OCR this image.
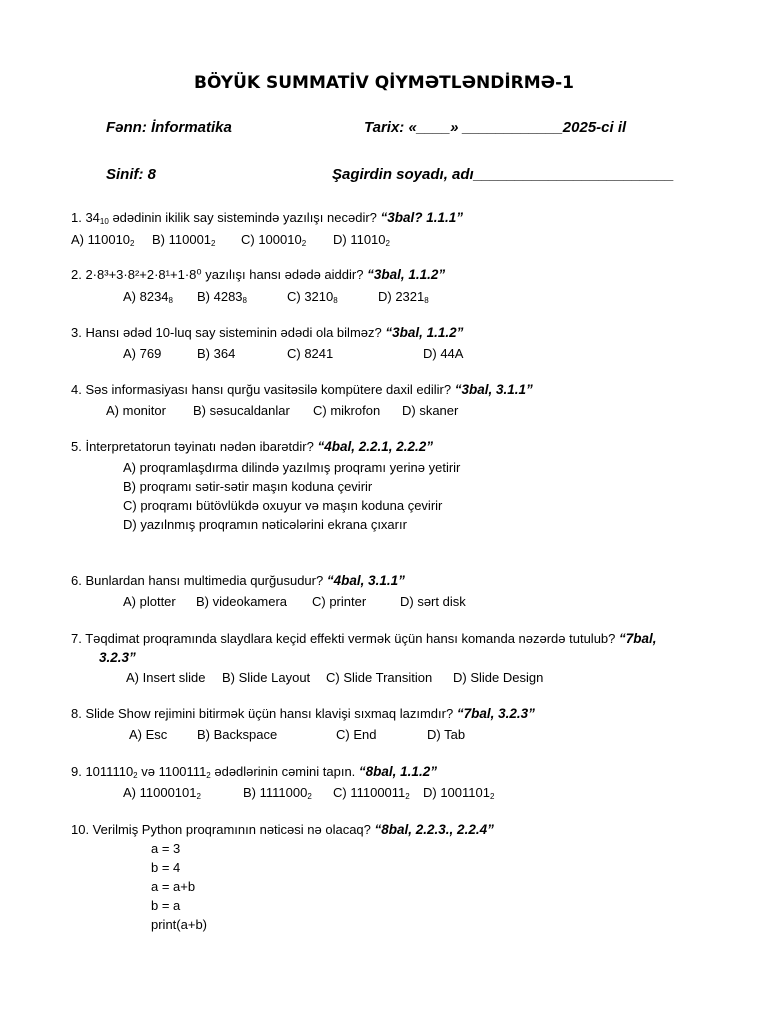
BÖYÜK SUMMATİV QİYMƏTLƏNDİRMƏ-1
Fənn: İnformatika	Tarix: «____» ____________2025-ci il
Sinif: 8	Şagirdin soyadı, adı________________________
1. $34_{10}$ ədədinin ikilik say sistemində yazılışı necədir? “3bal? 1.1.1”
A) $110010_2$ B) $110001_2$ C) $100010_2$ D) $11010_2$
2. 2·8³+3·8²+2·8¹+1·8⁰ yazılışı hansı ədədə aiddir? “3bal, 1.1.2”
A) $8234_8$ B) $4283_8$	C) $3210_8$	D) $2321_8$
3. Hansı ədəd 10-luq say sisteminin ədədi ola bilməz? “3bal, 1.1.2”
A) 769	B) 364	C) 8241	D) 44A
4. Səs informasiyası hansı qurğu vasitəsilə kompütere daxil edilir? “3bal, 3.1.1”
A) monitor B) səsucaldanlar C) mikrofon D) skaner
5. İnterpretatorun təyinatı nədən ibarətdir? “4bal, 2.2.1, 2.2.2”
A) proqramlaşdırma dilində yazılmış proqramı yerinə yetirir
B) proqramı sətir-sətir maşın koduna çevirir
C) proqramı bütövlükdə oxuyur və maşın koduna çevirir
D) yazılnmış proqramın nəticələrini ekrana çıxarır
6. Bunlardan hansı multimedia qurğusudur? “4bal, 3.1.1”
A) plotter B) videokamera C) printer	D) sərt disk
7. Təqdimat proqramında slaydlara keçid effekti vermək üçün hansı komanda nəzərdə tutulub? “7bal,
3.2.3”
A) Insert slide B) Slide Layout C) Slide Transition D) Slide Design
8. Slide Show rejimini bitirmək üçün hansı klavişi sıxmaq lazımdır? “7bal, 3.2.3”
A) Esc B) Backspace	C) End	D) Tab
9. $1011110_2$ və $1100111_2$ ədədlərinin cəmini tapın. “8bal, 1.1.2”
A) $11000101_2$	B) $1111000_2$ C) $11100011_2$ D) $1001101_2$
10. Verilmiş Python proqramının nəticəsi nə olacaq? “8bal, 2.2.3., 2.2.4”
a = 3
b = 4
a = a+b
b = a
print(a+b)
